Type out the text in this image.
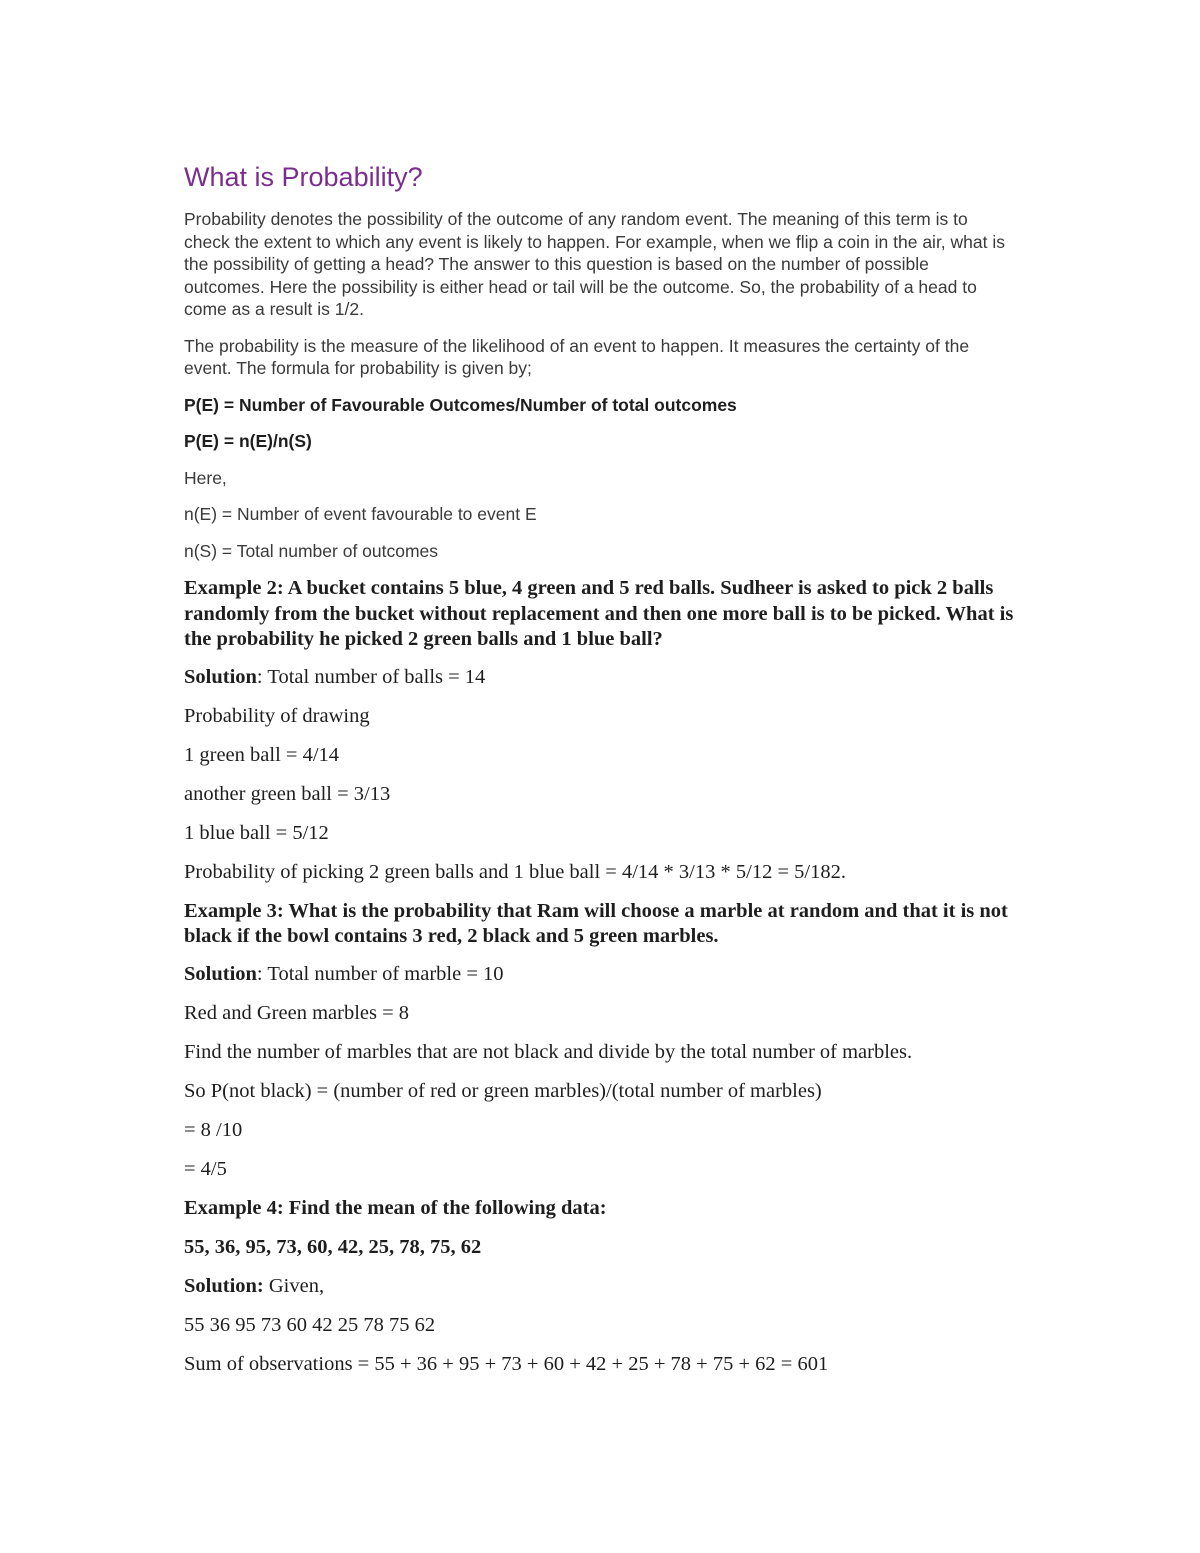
What is Probability?

Probability denotes the possibility of the outcome of any random event. The meaning of this term is to check the extent to which any event is likely to happen. For example, when we flip a coin in the air, what is the possibility of getting a head? The answer to this question is based on the number of possible outcomes. Here the possibility is either head or tail will be the outcome. So, the probability of a head to come as a result is 1/2.

The probability is the measure of the likelihood of an event to happen. It measures the certainty of the event. The formula for probability is given by;

P(E) = Number of Favourable Outcomes/Number of total outcomes

P(E) = n(E)/n(S)

Here,

n(E) = Number of event favourable to event E

n(S) = Total number of outcomes

Example 2: A bucket contains 5 blue, 4 green and 5 red balls. Sudheer is asked to pick 2 balls randomly from the bucket without replacement and then one more ball is to be picked. What is the probability he picked 2 green balls and 1 blue ball?

Solution: Total number of balls = 14

Probability of drawing

1 green ball = 4/14

another green ball = 3/13

1 blue ball = 5/12

Probability of picking 2 green balls and 1 blue ball = 4/14 * 3/13 * 5/12 = 5/182.

Example 3: What is the probability that Ram will choose a marble at random and that it is not black if the bowl contains 3 red, 2 black and 5 green marbles.

Solution: Total number of marble = 10

Red and Green marbles = 8

Find the number of marbles that are not black and divide by the total number of marbles.

So P(not black) = (number of red or green marbles)/(total number of marbles)

= 8 /10

= 4/5

Example 4: Find the mean of the following data:

55, 36, 95, 73, 60, 42, 25, 78, 75, 62

Solution: Given,

55 36 95 73 60 42 25 78 75 62

Sum of observations = 55 + 36 + 95 + 73 + 60 + 42 + 25 + 78 + 75 + 62 = 601
